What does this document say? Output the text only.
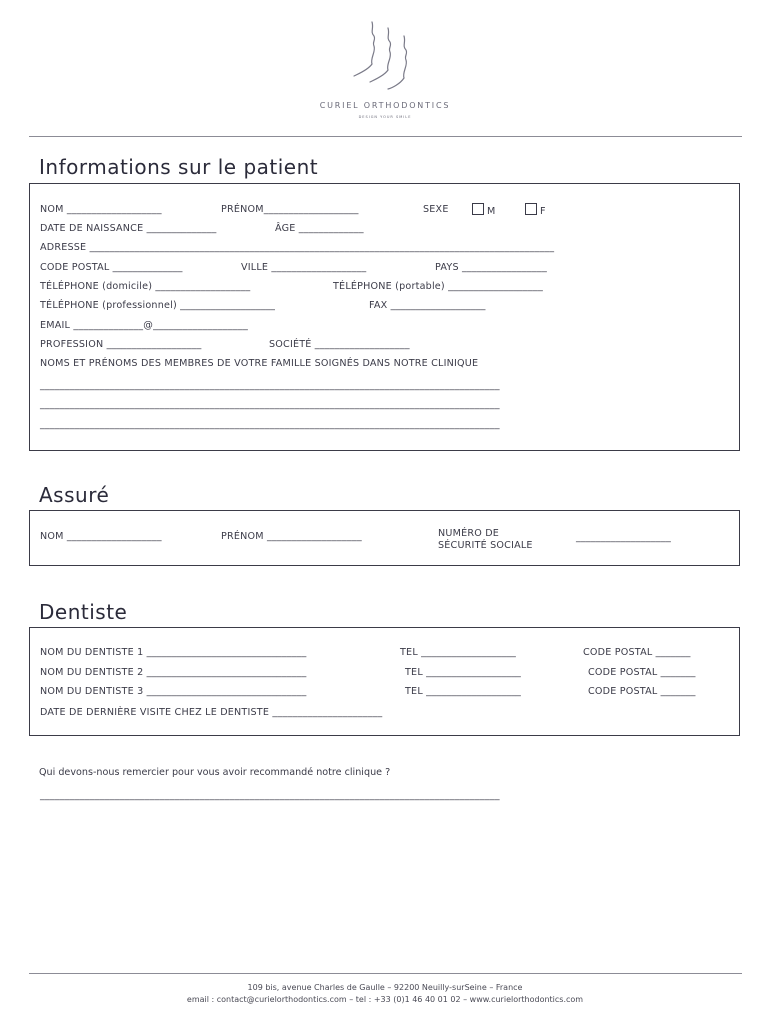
CURIEL ORTHODONTICS
DESIGN YOUR SMILE
Informations sur le patient
NOM ___________________	PRÉNOM___________________	SEXE	M	F
DATE DE NAISSANCE ______________	ÂGE _____________
ADRESSE _____________________________________________________________________________________________
CODE POSTAL ______________	VILLE ___________________	PAYS _________________
TÉLÉPHONE (domicile) ___________________	TÉLÉPHONE (portable) ___________________
TÉLÉPHONE (professionnel) ___________________	FAX ___________________
EMAIL ______________@___________________
PROFESSION ___________________	SOCIÉTÉ ___________________
NOMS ET PRÉNOMS DES MEMBRES DE VOTRE FAMILLE SOIGNÉS DANS NOTRE CLINIQUE
____________________________________________________________________________________________
____________________________________________________________________________________________
____________________________________________________________________________________________
Assuré
NOM ___________________	PRÉNOM ___________________	NUMÉRO DE
SÉCURITÉ SOCIALE
___________________
Dentiste
NOM DU DENTISTE 1 ________________________________	TEL ___________________	CODE POSTAL _______
NOM DU DENTISTE 2 ________________________________	TEL ___________________	CODE POSTAL _______
NOM DU DENTISTE 3 ________________________________	TEL ___________________	CODE POSTAL _______
DATE DE DERNIÈRE VISITE CHEZ LE DENTISTE ______________________
Qui devons-nous remercier pour vous avoir recommandé notre clinique ?
____________________________________________________________________________________________
109 bis, avenue Charles de Gaulle – 92200 Neuilly-surSeine – France
email : contact@curielorthodontics.com – tel : +33 (0)1 46 40 01 02 – www.curielorthodontics.com
